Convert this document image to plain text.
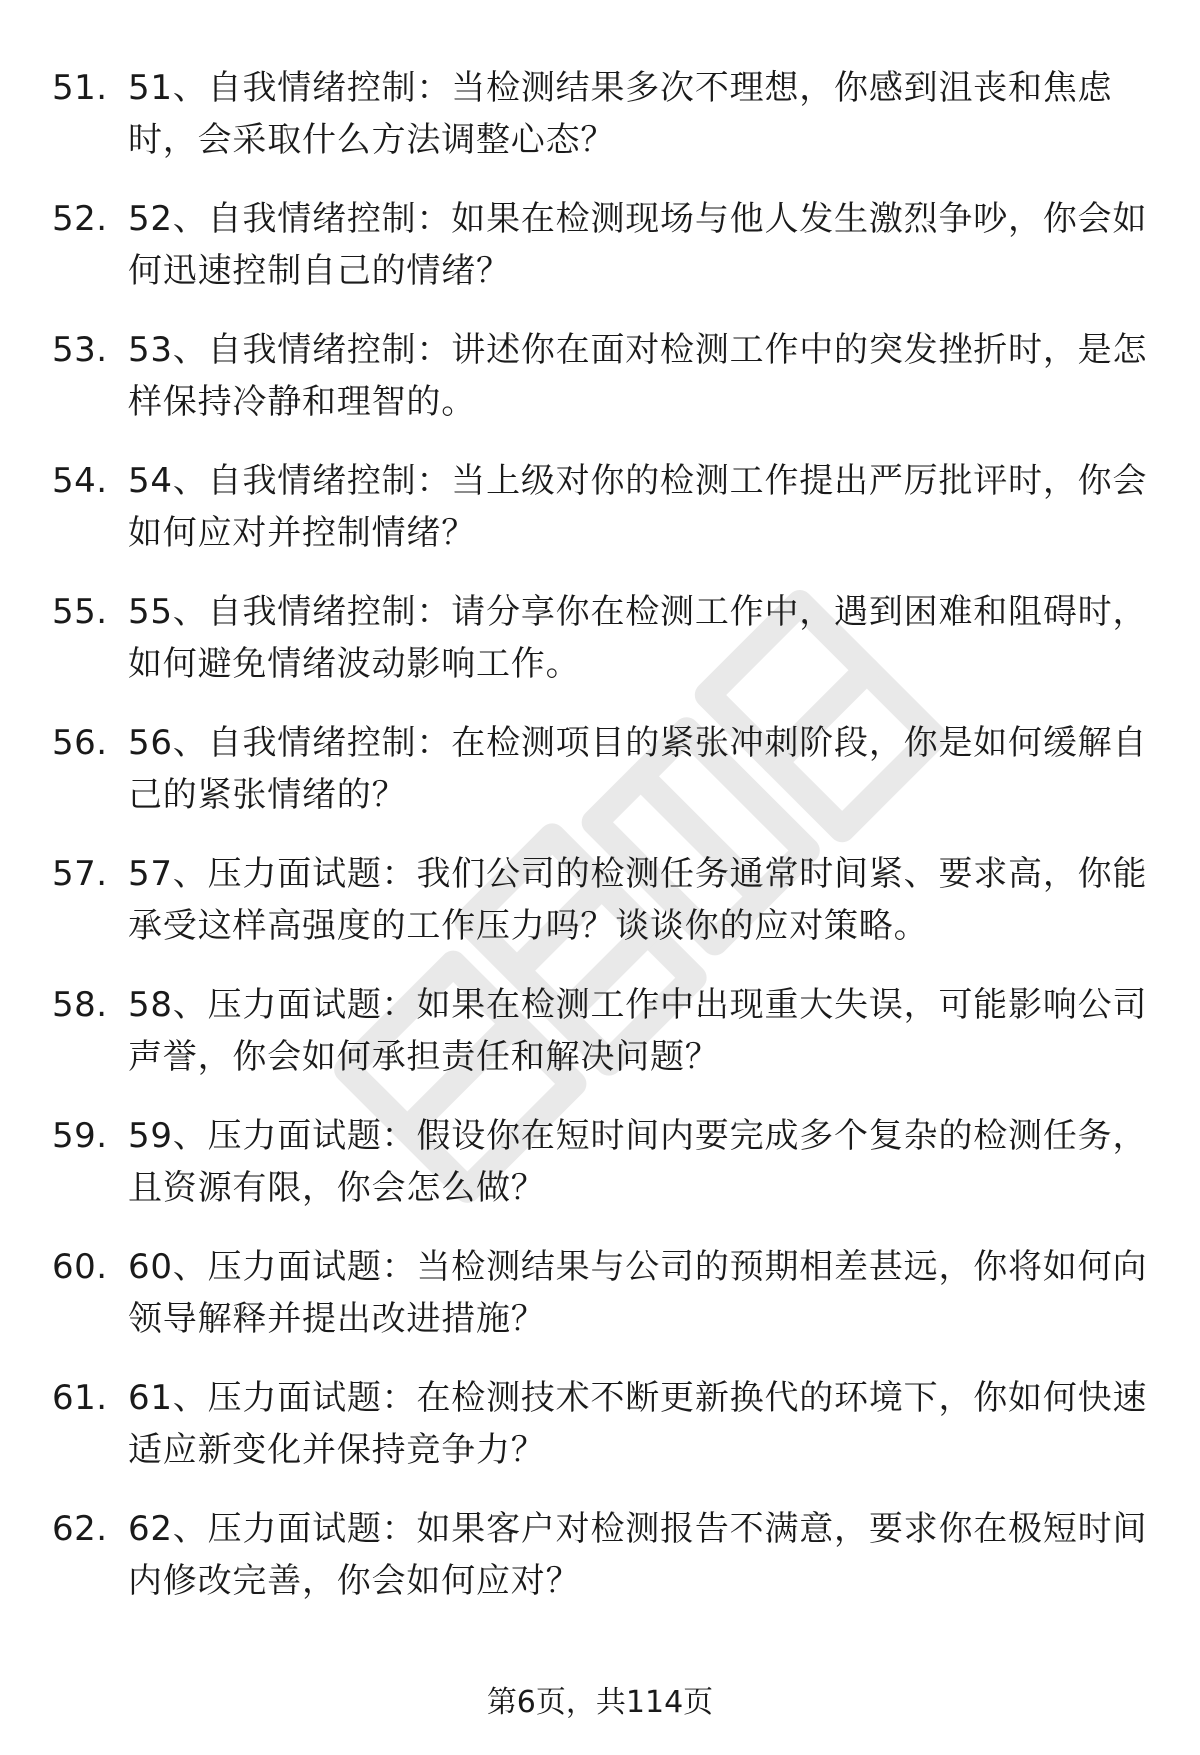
51. 51、自我情绪控制：当检测结果多次不理想，你感到沮丧和焦虑时，会采取什么方法调整心态？
52. 52、自我情绪控制：如果在检测现场与他人发生激烈争吵，你会如何迅速控制自己的情绪？
53. 53、自我情绪控制：讲述你在面对检测工作中的突发挫折时，是怎样保持冷静和理智的。
54. 54、自我情绪控制：当上级对你的检测工作提出严厉批评时，你会如何应对并控制情绪？
55. 55、自我情绪控制：请分享你在检测工作中，遇到困难和阻碍时，如何避免情绪波动影响工作。
56. 56、自我情绪控制：在检测项目的紧张冲刺阶段，你是如何缓解自己的紧张情绪的？
57. 57、压力面试题：我们公司的检测任务通常时间紧、要求高，你能承受这样高强度的工作压力吗？谈谈你的应对策略。
58. 58、压力面试题：如果在检测工作中出现重大失误，可能影响公司声誉，你会如何承担责任和解决问题？
59. 59、压力面试题：假设你在短时间内要完成多个复杂的检测任务，且资源有限，你会怎么做？
60. 60、压力面试题：当检测结果与公司的预期相差甚远，你将如何向领导解释并提出改进措施？
61. 61、压力面试题：在检测技术不断更新换代的环境下，你如何快速适应新变化并保持竞争力？
62. 62、压力面试题：如果客户对检测报告不满意，要求你在极短时间内修改完善，你会如何应对？
第6页，共114页
